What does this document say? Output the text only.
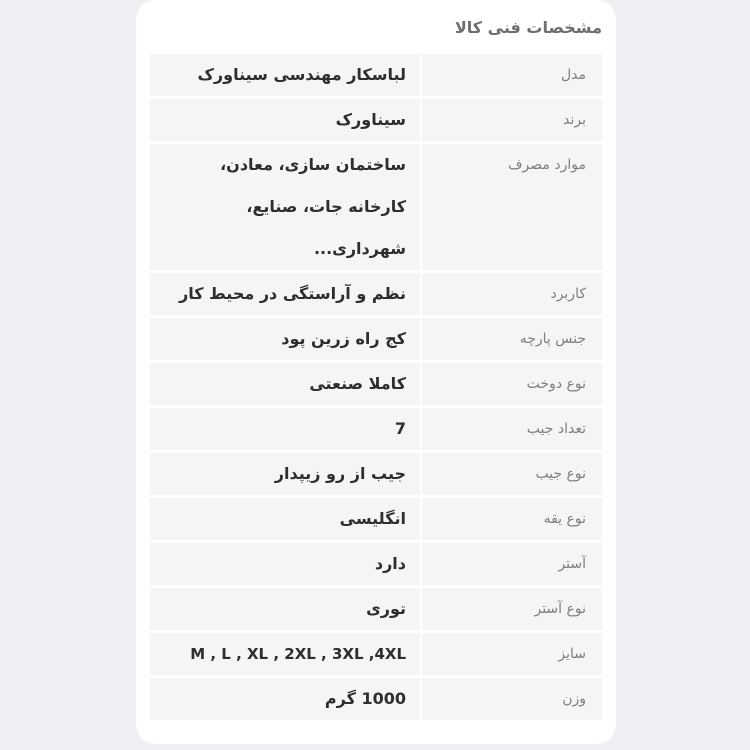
مشخصات فنی کالا
مدل
لباسکار مهندسی سیناورک
برند
سیناورک
موارد مصرف
ساختمان سازی، معادن، کارخانه جات، صنایع، شهرداری...
کاربرد
نظم و آراستگی در محیط کار
جنس پارچه
کج راه زرین پود
نوع دوخت
کاملا صنعتی
تعداد جیب
7
نوع جیب
جیب از رو زیپدار
نوع یقه
انگلیسی
آستر
دارد
نوع آستر
توری
سایز
M , L , XL , 2XL , 3XL ,4XL
وزن
1000 گرم
